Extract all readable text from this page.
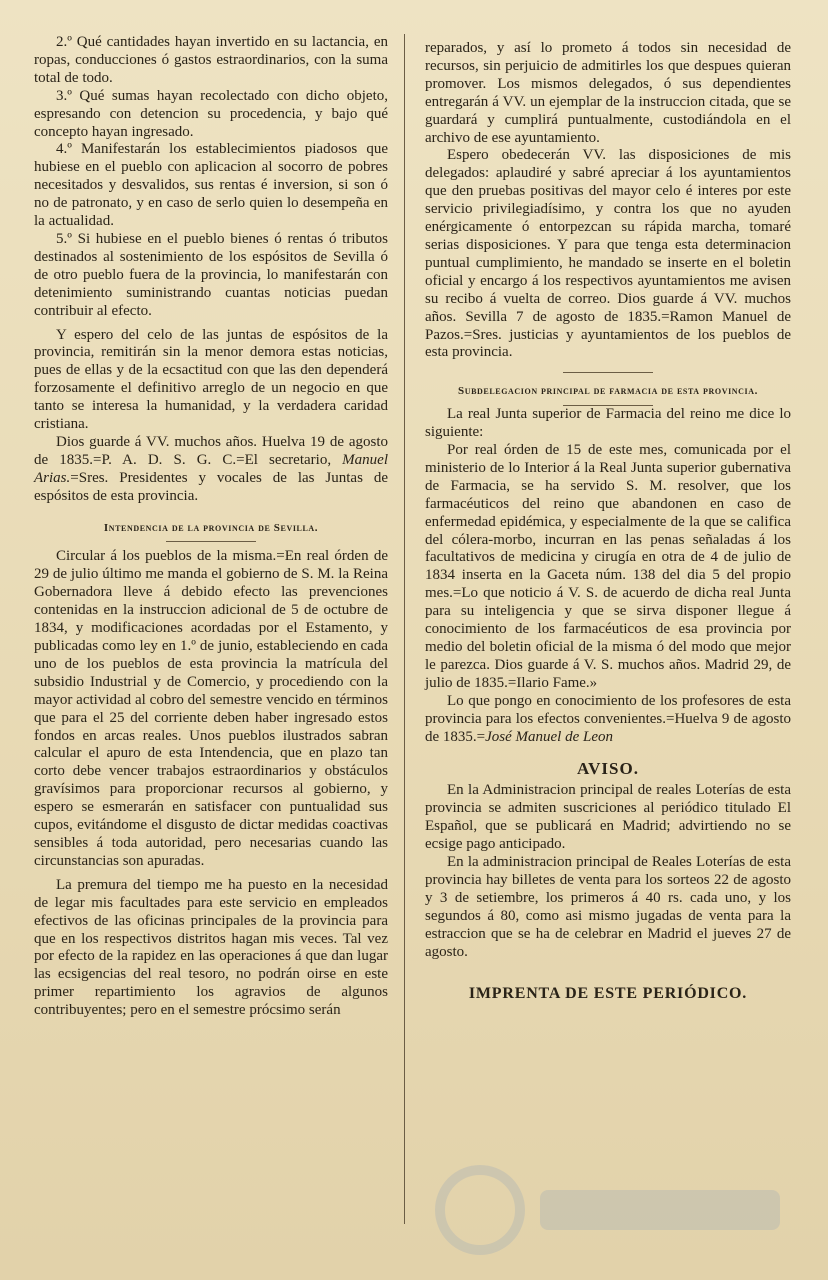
2.º Qué cantidades hayan invertido en su lactancia, en ropas, conducciones ó gastos estraordinarios, con la suma total de todo.

3.º Qué sumas hayan recolectado con dicho objeto, espresando con detencion su procedencia, y bajo qué concepto hayan ingresado.

4.º Manifestarán los establecimientos piadosos que hubiese en el pueblo con aplicacion al socorro de pobres necesitados y desvalidos, sus rentas é inversion, si son ó no de patronato, y en caso de serlo quien lo desempeña en la actualidad.

5.º Si hubiese en el pueblo bienes ó rentas ó tributos destinados al sostenimiento de los espósitos de Sevilla ó de otro pueblo fuera de la provincia, lo manifestarán con detenimiento suministrando cuantas noticias puedan contribuir al efecto.

Y espero del celo de las juntas de espósitos de la provincia, remitirán sin la menor demora estas noticias, pues de ellas y de la ecsactitud con que las den dependerá forzosamente el definitivo arreglo de un negocio en que tanto se interesa la humanidad, y la verdadera caridad cristiana.

Dios guarde á VV. muchos años. Huelva 19 de agosto de 1835.=P. A. D. S. G. C.=El secretario, Manuel Arias.=Sres. Presidentes y vocales de las Juntas de espósitos de esta provincia.

Intendencia de la provincia de Sevilla.

Circular á los pueblos de la misma.=En real órden de 29 de julio último me manda el gobierno de S. M. la Reina Gobernadora lleve á debido efecto las prevenciones contenidas en la instruccion adicional de 5 de octubre de 1834, y modificaciones acordadas por el Estamento, y publicadas como ley en 1.º de junio, estableciendo en cada uno de los pueblos de esta provincia la matrícula del subsidio Industrial y de Comercio, y procediendo con la mayor actividad al cobro del semestre vencido en términos que para el 25 del corriente deben haber ingresado estos fondos en arcas reales. Unos pueblos ilustrados sabran calcular el apuro de esta Intendencia, que en plazo tan corto debe vencer trabajos estraordinarios y obstáculos gravísimos para proporcionar recursos al gobierno, y espero se esmerarán en satisfacer con puntualidad sus cupos, evitándome el disgusto de dictar medidas coactivas sensibles á toda autoridad, pero necesarias cuando las circunstancias son apuradas.

La premura del tiempo me ha puesto en la necesidad de legar mis facultades para este servicio en empleados efectivos de las oficinas principales de la provincia para que en los respectivos distritos hagan mis veces. Tal vez por efecto de la rapidez en las operaciones á que dan lugar las ecsigencias del real tesoro, no podrán oirse en este primer repartimiento los agravios de algunos contribuyentes; pero en el semestre prócsimo serán

reparados, y así lo prometo á todos sin necesidad de recursos, sin perjuicio de admitirles los que despues quieran promover. Los mismos delegados, ó sus dependientes entregarán á VV. un ejemplar de la instruccion citada, que se guardará y cumplirá puntualmente, custodiándola en el archivo de ese ayuntamiento.

Espero obedecerán VV. las disposiciones de mis delegados: aplaudiré y sabré apreciar á los ayuntamientos que den pruebas positivas del mayor celo é interes por este servicio privilegiadísimo, y contra los que no ayuden enérgicamente ó entorpezcan su rápida marcha, tomaré serias disposiciones. Y para que tenga esta determinacion puntual cumplimiento, he mandado se inserte en el boletin oficial y encargo á los respectivos ayuntamientos me avisen su recibo á vuelta de correo. Dios guarde á VV. muchos años. Sevilla 7 de agosto de 1835.=Ramon Manuel de Pazos.=Sres. justicias y ayuntamientos de los pueblos de esta provincia.

Subdelegacion principal de farmacia de esta provincia.

La real Junta superior de Farmacia del reino me dice lo siguiente:

Por real órden de 15 de este mes, comunicada por el ministerio de lo Interior á la Real Junta superior gubernativa de Farmacia, se ha servido S. M. resolver, que los farmacéuticos del reino que abandonen en caso de enfermedad epidémica, y especialmente de la que se califica del cólera-morbo, incurran en las penas señaladas á los facultativos de medicina y cirugía en otra de 4 de julio de 1834 inserta en la Gaceta núm. 138 del dia 5 del propio mes.=Lo que noticio á V. S. de acuerdo de dicha real Junta para su inteligencia y que se sirva disponer llegue á conocimiento de los farmacéuticos de esa provincia por medio del boletin oficial de la misma ó del modo que mejor le parezca. Dios guarde á V. S. muchos años. Madrid 29, de julio de 1835.=Ilario Fame.»

Lo que pongo en conocimiento de los profesores de esta provincia para los efectos convenientes.=Huelva 9 de agosto de 1835.=José Manuel de Leon

AVISO.

En la Administracion principal de reales Loterías de esta provincia se admiten suscriciones al periódico titulado El Español, que se publicará en Madrid; advirtiendo no se ecsige pago anticipado.

En la administracion principal de Reales Loterías de esta provincia hay billetes de venta para los sorteos 22 de agosto y 3 de setiembre, los primeros á 40 rs. cada uno, y los segundos á 80, como asi mismo jugadas de venta para la estraccion que se ha de celebrar en Madrid el jueves 27 de agosto.

IMPRENTA DE ESTE PERIÓDICO.
